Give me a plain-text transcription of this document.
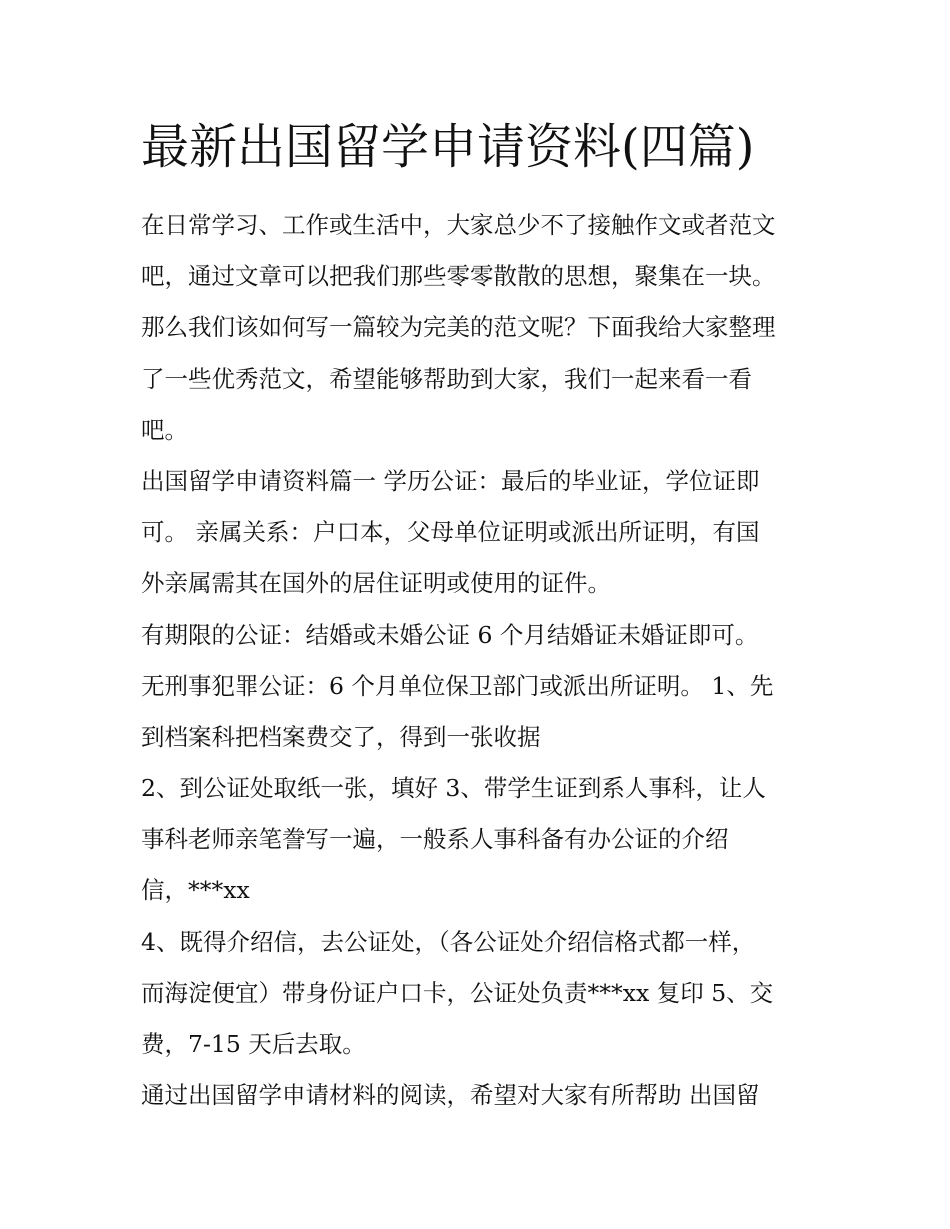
最新出国留学申请资料(四篇)

在日常学习、工作或生活中，大家总少不了接触作文或者范文

吧，通过文章可以把我们那些零零散散的思想，聚集在一块。

那么我们该如何写一篇较为完美的范文呢？下面我给大家整理

了一些优秀范文，希望能够帮助到大家，我们一起来看一看

吧。

出国留学申请资料篇一 学历公证：最后的毕业证，学位证即

可。 亲属关系：户口本，父母单位证明或派出所证明，有国

外亲属需其在国外的居住证明或使用的证件。

有期限的公证：结婚或未婚公证 6 个月结婚证未婚证即可。

无刑事犯罪公证：6 个月单位保卫部门或派出所证明。 1、先

到档案科把档案费交了，得到一张收据

2、到公证处取纸一张，填好 3、带学生证到系人事科，让人

事科老师亲笔誊写一遍，一般系人事科备有办公证的介绍

信，***xx

4、既得介绍信，去公证处，（各公证处介绍信格式都一样，

而海淀便宜）带身份证户口卡，公证处负责***xx 复印 5、交

费，7-15 天后去取。

通过出国留学申请材料的阅读，希望对大家有所帮助 出国留
